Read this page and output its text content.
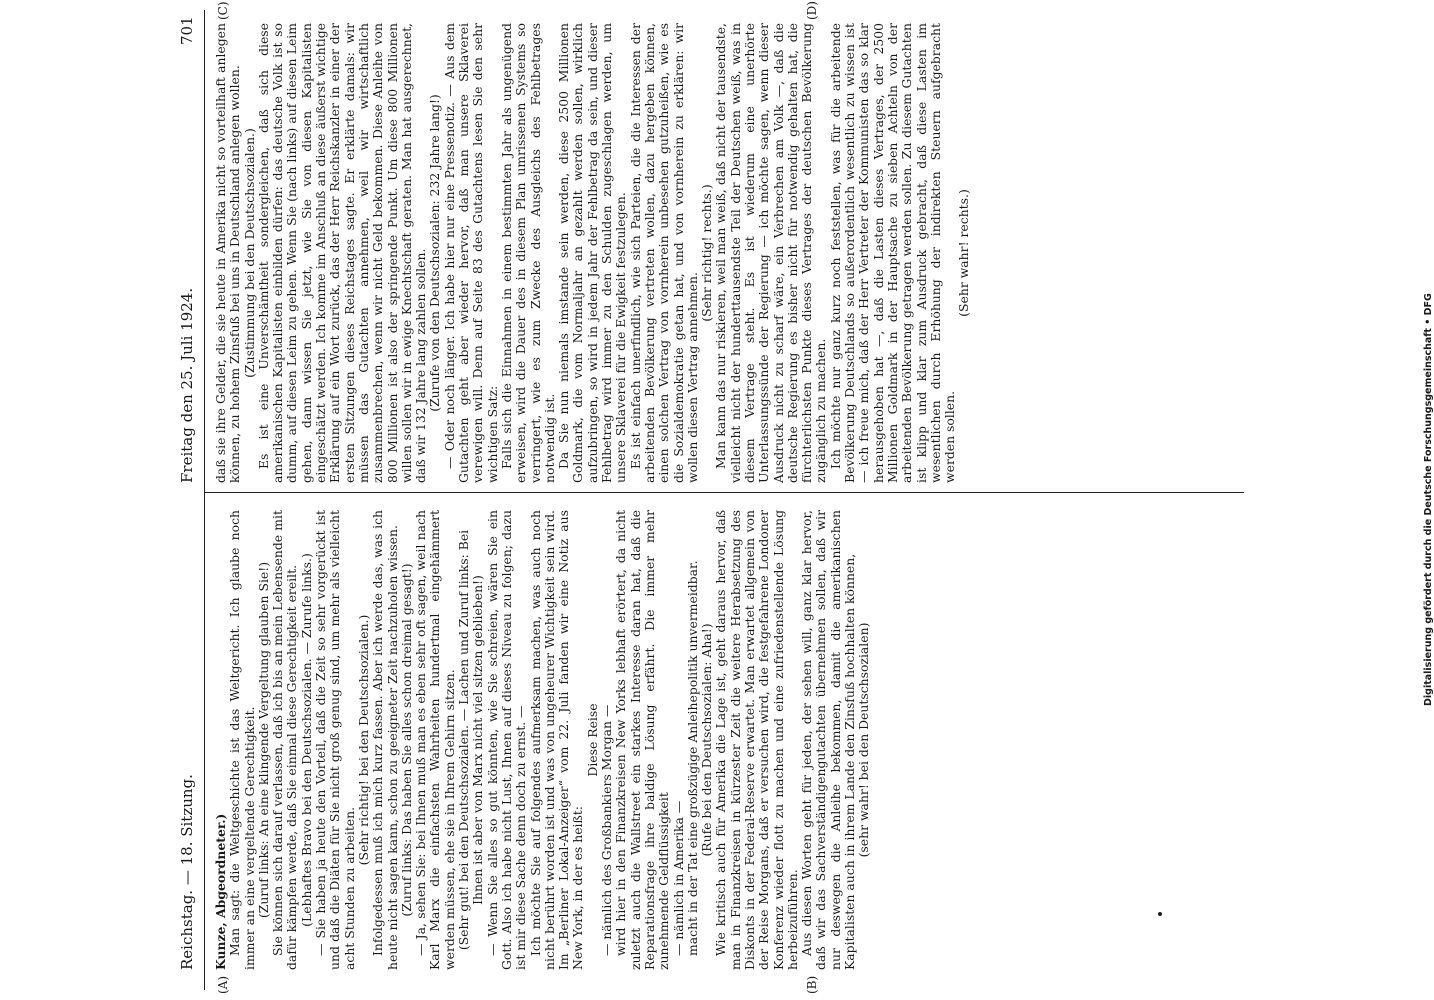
Reichstag. — 18. Sitzung.
Freitag den 25. Juli 1924.
701
(A)	(B)
(C)	(D)

Kunze, Abgeordneter.) Man sagt: die Weltgeschichte ist das Weltgericht. Ich glaube noch immer an eine vergeltende Gerechtigkeit. (Zuruf links: An eine klingende Vergeltung glauben Sie!) Sie können sich darauf verlassen, daß ich bis an mein Lebensende mit dafür kämpfen werde, daß Sie einmal diese Gerechtigkeit ereilt. (Lebhaftes Bravo bei den Deutschsozialen. — Zurufe links.) — Sie haben ja heute den Vorteil, daß die Zeit so sehr vorgerückt ist und daß die Diäten für Sie nicht groß genug sind, um mehr als vielleicht acht Stunden zu arbeiten.

(Sehr richtig! bei den Deutschsozialen.) Infolgedessen muß ich mich kurz fassen. Aber ich werde das, was ich heute nicht sagen kann, schon zu geeigneter Zeit nachzuholen wissen. (Zuruf links: Das haben Sie alles schon dreimal gesagt!) — Ja, sehen Sie: bei Ihnen muß man es eben sehr oft sagen, weil nach Karl Marx die einfachsten Wahrheiten hundertmal eingehämmert werden müssen, ehe sie in Ihrem Gehirn sitzen. (Sehr gut! bei den Deutschsozialen. — Lachen und Zuruf links: Bei Ihnen ist aber von Marx nicht viel sitzen geblieben!) — Wenn Sie alles so gut könnten, wie Sie schreien, wären Sie ein Gott. Also ich habe nicht Lust, Ihnen auf dieses Niveau zu folgen; dazu ist mir diese Sache denn doch zu ernst. — Ich möchte Sie auf folgendes aufmerksam machen, was auch noch nicht berührt worden ist und was von ungeheurer Wichtigkeit sein wird. Im „Berliner Lokal-Anzeiger“ vom 22. Juli fanden wir eine Notiz aus New York, in der es heißt:

Diese Reise — nämlich des Großbankiers Morgan — wird hier in den Finanzkreisen New Yorks lebhaft erörtert, da nicht zuletzt auch die Wallstreet ein starkes Interesse daran hat, daß die Reparationsfrage ihre baldige Lösung erfährt. Die immer mehr zunehmende Geldflüssigkeit — nämlich in Amerika — macht in der Tat eine großzügige Anleihepolitik unvermeidbar. (Rufe bei den Deutschsozialen: Aha!) Wie kritisch auch für Amerika die Lage ist, geht daraus hervor, daß man in Finanzkreisen in kürzester Zeit die weitere Herabsetzung des Diskonts in der Federal-Reserve erwartet. Man erwartet allgemein von der Reise Morgans, daß er versuchen wird, die festgefahrene Londoner Konferenz wieder flott zu machen und eine zufriedenstellende Lösung herbeizuführen. Aus diesen Worten geht für jeden, der sehen will, ganz klar hervor, daß wir das Sachverständigengutachten übernehmen sollen, daß wir nur deswegen die Anleihe bekommen, damit die amerikanischen Kapitalisten auch in ihrem Lande den Zinsfuß hochhalten können, (sehr wahr! bei den Deutschsozialen)

daß sie ihre Gelder, die sie heute in Amerika nicht so vorteilhaft anlegen können, zu hohem Zinsfuß bei uns in Deutschland anlegen wollen. (Zustimmung bei den Deutschsozialen.) Es ist eine Unverschämtheit sondergleichen, daß sich diese amerikanischen Kapitalisten einbilden dürfen: das deutsche Volk ist so dumm, auf diesen Leim zu gehen. Wenn Sie (nach links) auf diesen Leim gehen, dann wissen Sie jetzt, wie Sie von diesen Kapitalisten eingeschätzt werden. Ich komme im Anschluß an diese äußerst wichtige Erklärung auf ein Wort zurück, das der Herr Reichskanzler in einer der ersten Sitzungen dieses Reichstages sagte. Er erklärte damals: wir müssen das Gutachten annehmen, weil wir wirtschaftlich zusammenbrechen, wenn wir nicht Geld bekommen. Diese Anleihe von 800 Millionen ist also der springende Punkt. Um diese 800 Millionen willen sollen wir in ewige Knechtschaft geraten. Man hat ausgerechnet, daß wir 132 Jahre lang zahlen sollen. (Zurufe von den Deutschsozialen: 232 Jahre lang!) — Oder noch länger. Ich habe hier nur eine Pressenotiz. — Aus dem Gutachten geht aber wieder hervor, daß man unsere Sklaverei verewigen will. Denn auf Seite 83 des Gutachtens lesen Sie den sehr wichtigen Satz: Falls sich die Einnahmen in einem bestimmten Jahr als ungenügend erweisen, wird die Dauer des in diesem Plan umrissenen Systems so verringert, wie es zum Zwecke des Ausgleichs des Fehlbetrages notwendig ist. Da Sie nun niemals imstande sein werden, diese 2500 Millionen Goldmark, die vom Normaljahr an gezahlt werden sollen, wirklich aufzubringen, so wird in jedem Jahr der Fehlbetrag da sein, und dieser Fehlbetrag wird immer zu den Schulden zugeschlagen werden, um unsere Sklaverei für die Ewigkeit festzulegen. Es ist einfach unerfindlich, wie sich Parteien, die die Interessen der arbeitenden Bevölkerung vertreten wollen, dazu hergeben können, einen solchen Vertrag von vornherein unbesehen gutzuheißen, wie es die Sozialdemokratie getan hat, und von vornherein zu erklären: wir wollen diesen Vertrag annehmen.

(Sehr richtig! rechts.) Man kann das nur riskieren, weil man weiß, daß nicht der tausendste, vielleicht nicht der hunderttausendste Teil der Deutschen weiß, was in diesem Vertrage steht. Es ist wiederum eine unerhörte Unterlassungssünde der Regierung — ich möchte sagen, wenn dieser Ausdruck nicht zu scharf wäre, ein Verbrechen am Volk —, daß die deutsche Regierung es bisher nicht für notwendig gehalten hat, die fürchterlichsten Punkte dieses Vertrages der deutschen Bevölkerung zugänglich zu machen. Ich möchte nur ganz kurz noch feststellen, was für die arbeitende Bevölkerung Deutschlands so außerordentlich wesentlich zu wissen ist — ich freue mich, daß der Herr Vertreter der Kommunisten das so klar herausgehoben hat —, daß die Lasten dieses Vertrages, der 2500 Millionen Goldmark in der Hauptsache zu sieben Achteln von der arbeitenden Bevölkerung getragen werden sollen. Zu diesem Gutachten ist klipp und klar zum Ausdruck gebracht, daß diese Lasten im wesentlichen durch Erhöhung der indirekten Steuern aufgebracht werden sollen.

(Sehr wahr! rechts.)

Digitalisierung gefördert durch die Deutsche Forschungsgemeinschaft • DFG
